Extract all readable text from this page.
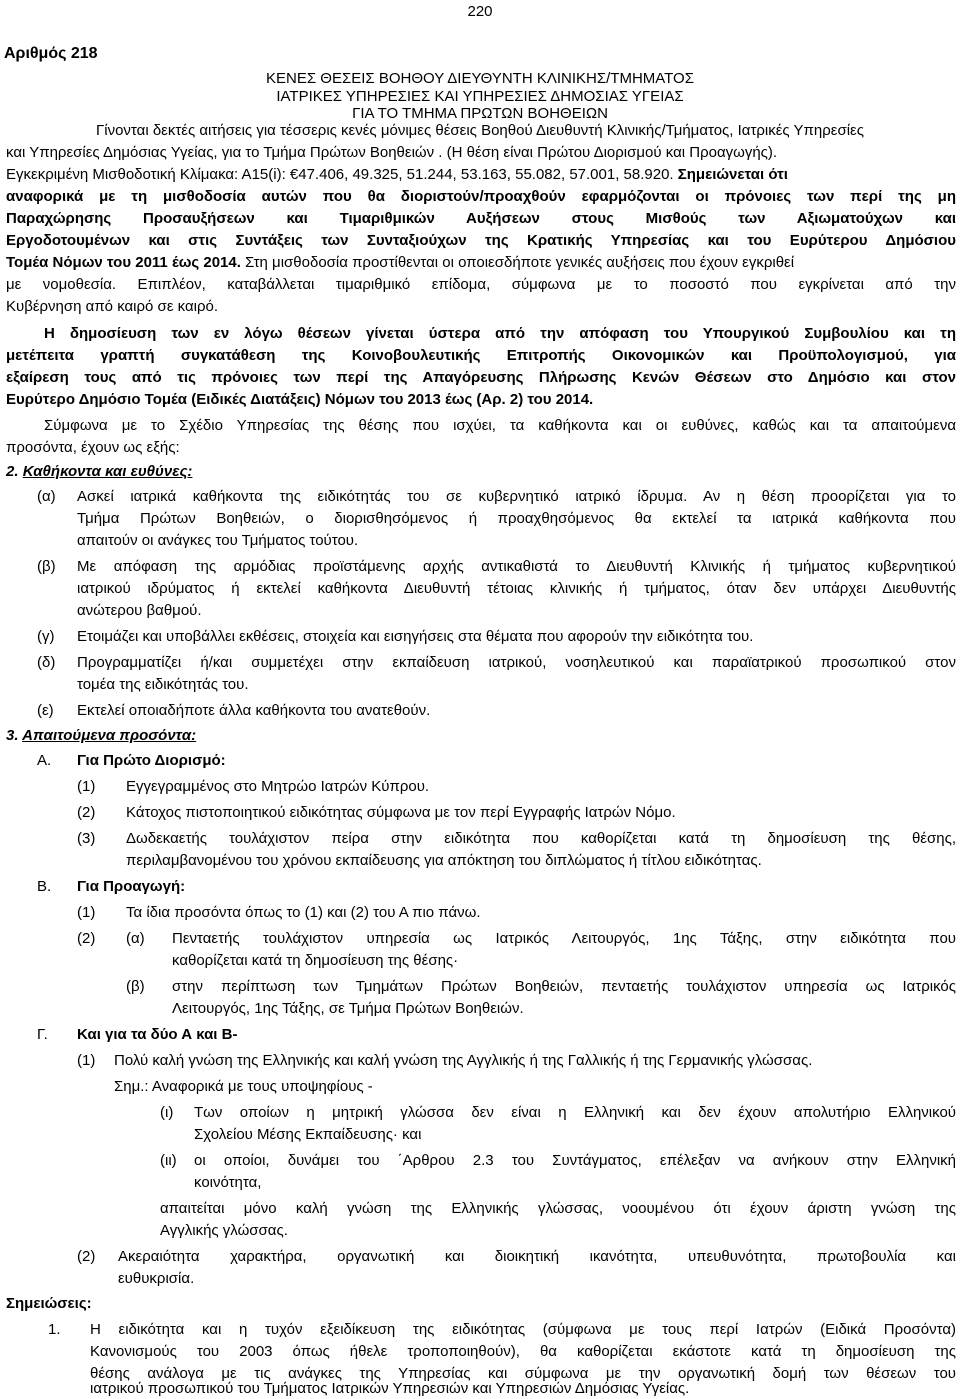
220
Αριθμός 218
ΚΕΝΕΣ ΘΕΣΕΙΣ ΒΟΗΘΟΥ ΔΙΕΥΘΥΝΤΗ ΚΛΙΝΙΚΗΣ/ΤΜΗΜΑΤΟΣ
ΙΑΤΡΙΚΕΣ ΥΠΗΡΕΣΙΕΣ ΚΑΙ ΥΠΗΡΕΣΙΕΣ ΔΗΜΟΣΙΑΣ ΥΓΕΙΑΣ
ΓΙΑ ΤΟ ΤΜΗΜΑ ΠΡΩΤΩΝ ΒΟΗΘΕΙΩΝ
Γίνονται δεκτές αιτήσεις για τέσσερις κενές μόνιμες θέσεις Βοηθού Διευθυντή Κλινικής/Τμήματος, Ιατρικές Υπηρεσίες
και Υπηρεσίες Δημόσιας Υγείας, για το Τμήμα Πρώτων Βοηθειών . (Η θέση είναι Πρώτου Διορισμού και Προαγωγής).
Εγκεκριμένη Μισθοδοτική Κλίμακα: Α15(i): €47.406, 49.325, 51.244, 53.163, 55.082, 57.001, 58.920. Σημειώνεται ότι
αναφορικά με τη μισθοδοσία αυτών που θα διοριστούν/προαχθούν εφαρμόζονται οι πρόνοιες των περί της μη
Παραχώρησης Προσαυξήσεων και Τιμαριθμικών Αυξήσεων στους Μισθούς των Αξιωματούχων και
Εργοδοτουμένων και στις Συντάξεις των Συνταξιούχων της Κρατικής Υπηρεσίας και του Ευρύτερου Δημόσιου
Τομέα Νόμων του 2011 έως 2014. Στη μισθοδοσία προστίθενται οι οποιεσδήποτε γενικές αυξήσεις που έχουν εγκριθεί
με νομοθεσία. Επιπλέον, καταβάλλεται τιμαριθμικό επίδομα, σύμφωνα με το ποσοστό που εγκρίνεται από την
Κυβέρνηση από καιρό σε καιρό.
Η δημοσίευση των εν λόγω θέσεων γίνεται ύστερα από την απόφαση του Υπουργικού Συμβουλίου και τη
μετέπειτα γραπτή συγκατάθεση της Κοινοβουλευτικής Επιτροπής Οικονομικών και Προϋπολογισμού, για
εξαίρεση τους από τις πρόνοιες των περί της Απαγόρευσης Πλήρωσης Κενών Θέσεων στο Δημόσιο και στον
Ευρύτερο Δημόσιο Τομέα (Ειδικές Διατάξεις) Νόμων του 2013 έως (Αρ. 2) του 2014.
Σύμφωνα με το Σχέδιο Υπηρεσίας της θέσης που ισχύει, τα καθήκοντα και οι ευθύνες, καθώς και τα απαιτούμενα
προσόντα, έχουν ως εξής:
2. Καθήκοντα και ευθύνες:
(α) Ασκεί ιατρικά καθήκοντα της ειδικότητάς του σε κυβερνητικό ιατρικό ίδρυμα. Αν η θέση προορίζεται για το
Τμήμα Πρώτων Βοηθειών, ο διορισθησόμενος ή προαχθησόμενος θα εκτελεί τα ιατρικά καθήκοντα που
απαιτούν οι ανάγκες του Τμήματος τούτου.
(β) Με απόφαση της αρμόδιας προϊστάμενης αρχής αντικαθιστά το Διευθυντή Κλινικής ή τμήματος κυβερνητικού
ιατρικού ιδρύματος ή εκτελεί καθήκοντα Διευθυντή τέτοιας κλινικής ή τμήματος, όταν δεν υπάρχει Διευθυντής
ανώτερου βαθμού.
(γ) Ετοιμάζει και υποβάλλει εκθέσεις, στοιχεία και εισηγήσεις στα θέματα που αφορούν την ειδικότητα του.
(δ) Προγραμματίζει ή/και συμμετέχει στην εκπαίδευση ιατρικού, νοσηλευτικού και παραϊατρικού προσωπικού στον
τομέα της ειδικότητάς του.
(ε) Εκτελεί οποιαδήποτε άλλα καθήκοντα του ανατεθούν.
3. Απαιτούμενα προσόντα:
Α. Για Πρώτο Διορισμό:
(1) Εγγεγραμμένος στο Μητρώο Ιατρών Κύπρου.
(2) Κάτοχος πιστοποιητικού ειδικότητας σύμφωνα με τον περί Εγγραφής Ιατρών Νόμο.
(3) Δωδεκαετής τουλάχιστον πείρα στην ειδικότητα που καθορίζεται κατά τη δημοσίευση της θέσης,
περιλαμβανομένου του χρόνου εκπαίδευσης για απόκτηση του διπλώματος ή τίτλου ειδικότητας.
Β. Για Προαγωγή:
(1) Τα ίδια προσόντα όπως το (1) και (2) του Α πιο πάνω.
(2) (α) Πενταετής τουλάχιστον υπηρεσία ως Ιατρικός Λειτουργός, 1ης Τάξης, στην ειδικότητα που
καθορίζεται κατά τη δημοσίευση της θέσης·
(β) στην περίπτωση των Τμημάτων Πρώτων Βοηθειών, πενταετής τουλάχιστον υπηρεσία ως Ιατρικός
Λειτουργός, 1ης Τάξης, σε Τμήμα Πρώτων Βοηθειών.
Γ. Και για τα δύο Α και Β-
(1) Πολύ καλή γνώση της Ελληνικής και καλή γνώση της Αγγλικής ή της Γαλλικής ή της Γερμανικής γλώσσας.
Σημ.: Αναφορικά με τους υποψηφίους -
(ι) Των οποίων η μητρική γλώσσα δεν είναι η Ελληνική και δεν έχουν απολυτήριο Ελληνικού
Σχολείου Μέσης Εκπαίδευσης· και
(ιι) οι οποίοι, δυνάμει του ΄Αρθρου 2.3 του Συντάγματος, επέλεξαν να ανήκουν στην Ελληνική
κοινότητα,
απαιτείται μόνο καλή γνώση της Ελληνικής γλώσσας, νοουμένου ότι έχουν άριστη γνώση της
Αγγλικής γλώσσας.
(2) Ακεραιότητα χαρακτήρα, οργανωτική και διοικητική ικανότητα, υπευθυνότητα, πρωτοβουλία και
ευθυκρισία.
Σημειώσεις:
1. Η ειδικότητα και η τυχόν εξειδίκευση της ειδικότητας (σύμφωνα με τους περί Ιατρών (Ειδικά Προσόντα)
Κανονισμούς του 2003 όπως ήθελε τροποποιηθούν), θα καθορίζεται εκάστοτε κατά τη δημοσίευση της
θέσης ανάλογα με τις ανάγκες της Υπηρεσίας και σύμφωνα με την οργανωτική δομή των θέσεων του
ιατρικού προσωπικού του Τμήματος Ιατρικών Υπηρεσιών και Υπηρεσιών Δημόσιας Υγείας.
